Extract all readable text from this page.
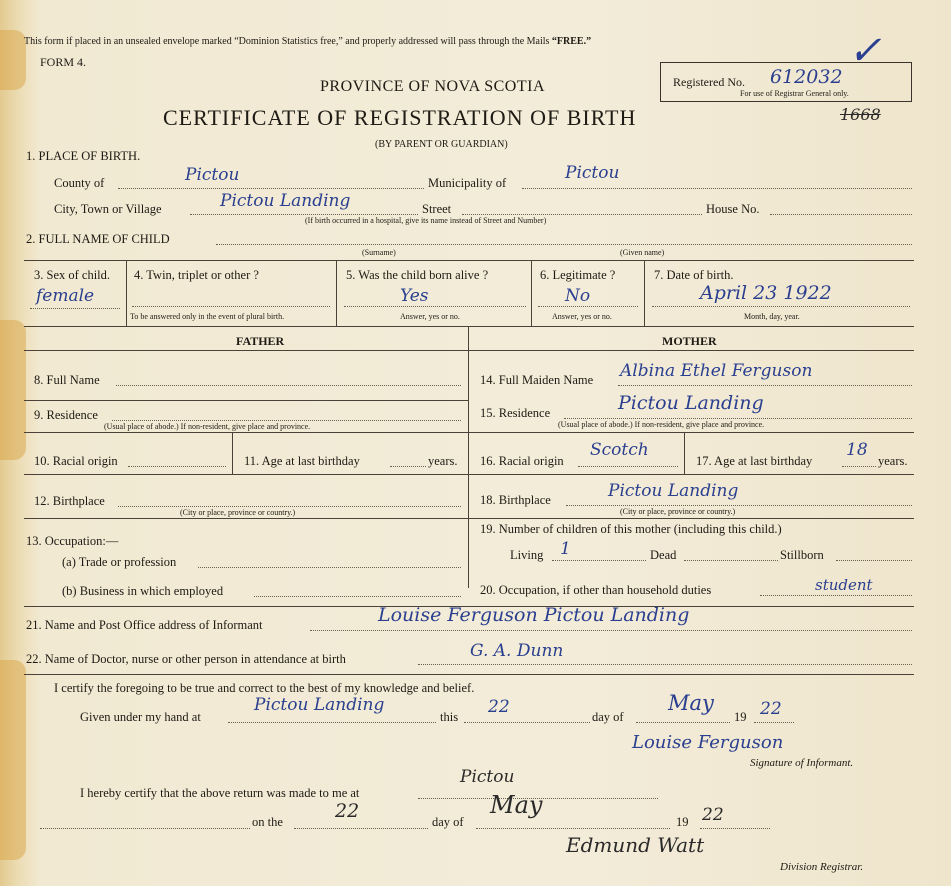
This form if placed in an unsealed envelope marked “Dominion Statistics free,” and properly addressed will pass through the Mails “FREE.”
FORM 4.
PROVINCE OF NOVA SCOTIA
CERTIFICATE OF REGISTRATION OF BIRTH
(BY PARENT OR GUARDIAN)
Registered No. 612032
For use of Registrar General only.
✓
1668
1. PLACE OF BIRTH.
County of	Pictou	Municipality of	Pictou
City, Town or Village	Pictou Landing	Street	House No.
(If birth occurred in a hospital, give its name instead of Street and Number)
2. FULL NAME OF CHILD
(Surname)	(Given name)
3. Sex of child.
female
4. Twin, triplet or other ?
To be answered only in the event of plural birth.
5. Was the child born alive ?
Yes
Answer, yes or no.
6. Legitimate ?
No
Answer, yes or no.
7. Date of birth.
April 23 1922
Month, day, year.
FATHER	MOTHER
8. Full Name
9. Residence
(Usual place of abode.) If non-resident, give place and province.
10. Racial origin	11. Age at last birthday	years.
12. Birthplace
(City or place, province or country.)
13. Occupation:—
(a) Trade or profession
(b) Business in which employed
14. Full Maiden Name Albina Ethel Ferguson
15. Residence	Pictou Landing
(Usual place of abode.) If non-resident, give place and province.
16. Racial origin
Scotch
17. Age at last birthday
18
years.
18. Birthplace	Pictou Landing
(City or place, province or country.)
19. Number of children of this mother (including this child.)
Living 1	Dead	Stillborn
20. Occupation, if other than household duties	student
21. Name and Post Office address of Informant	Louise Ferguson Pictou Landing
22. Name of Doctor, nurse or other person in attendance at birth	G. A. Dunn
I certify the foregoing to be true and correct to the best of my knowledge and belief.
Given under my hand at
Pictou Landing
this 22	day of
May
19 22
Louise Ferguson
Signature of Informant.
I hereby certify that the above return was made to me at
Pictou
on the	22	day of
May
19 22
Edmund Watt
Division Registrar.
